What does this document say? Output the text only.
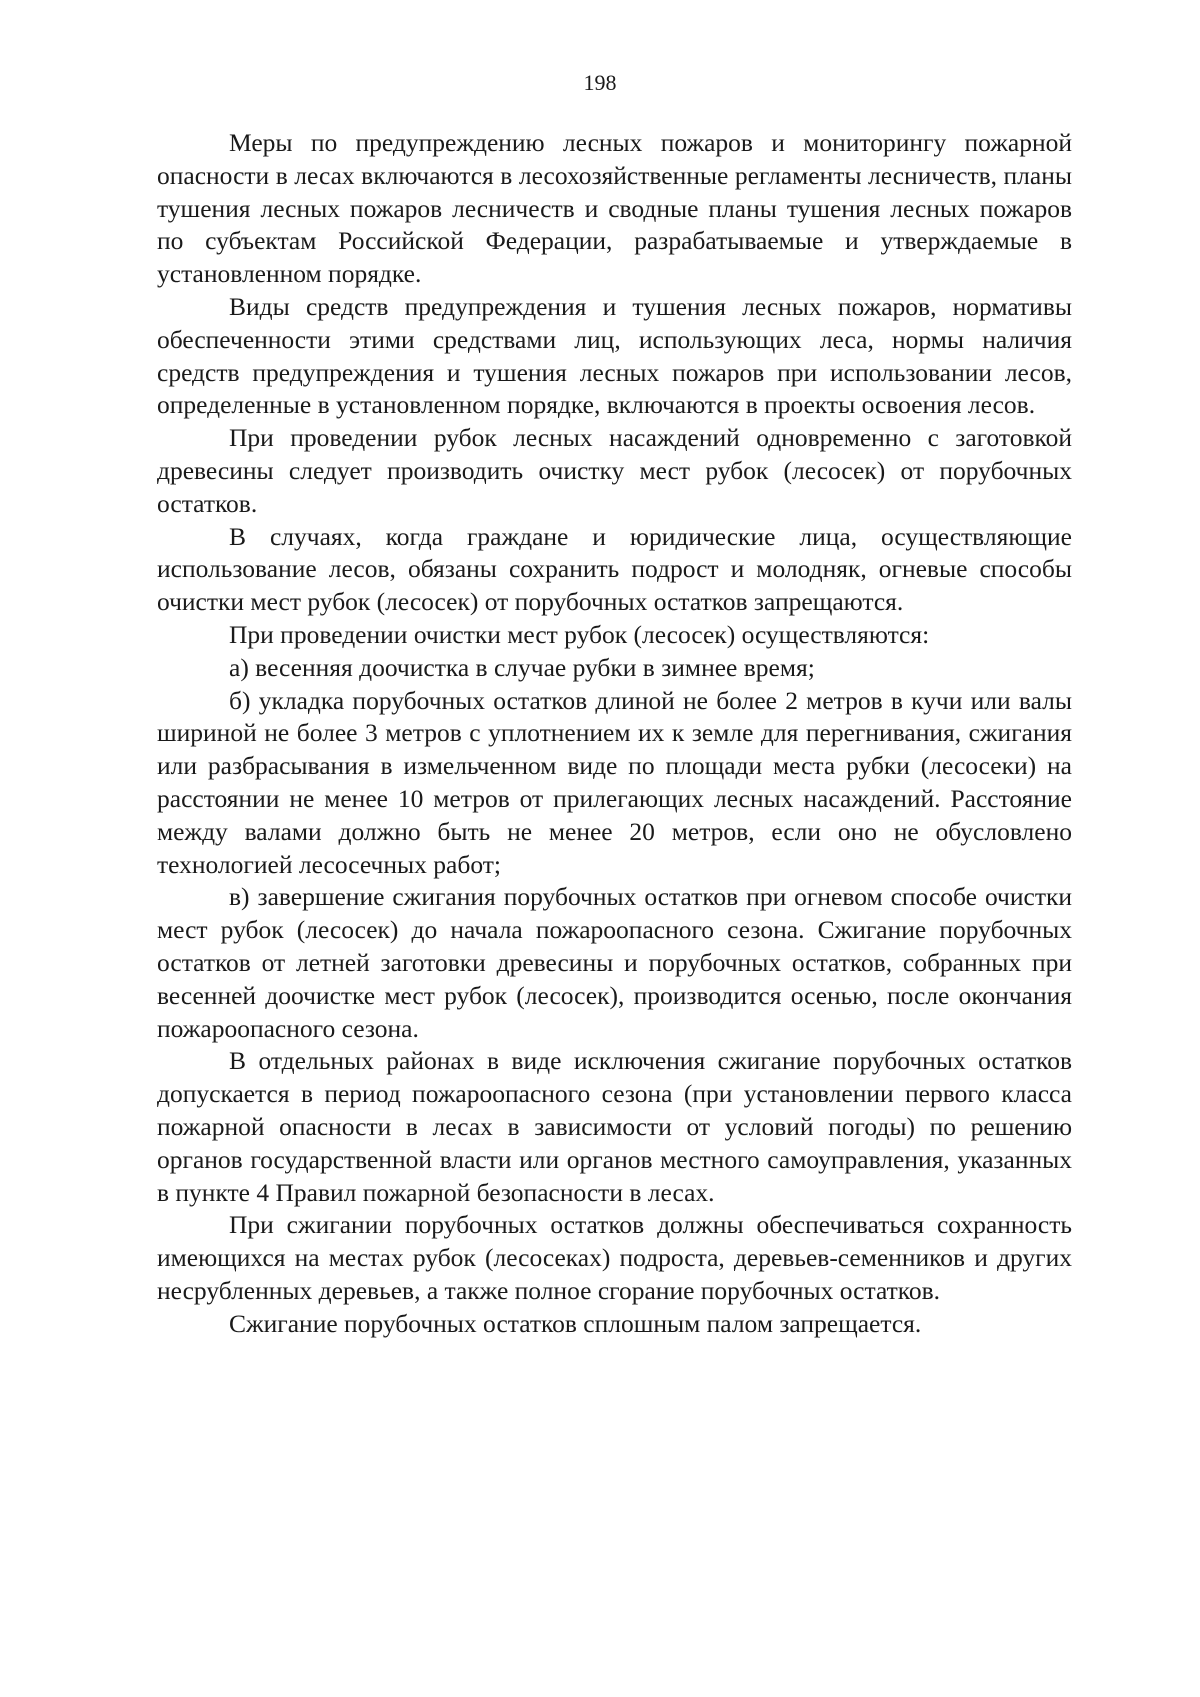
198

Меры по предупреждению лесных пожаров и мониторингу пожарной опасности в лесах включаются в лесохозяйственные регламенты лесничеств, планы тушения лесных пожаров лесничеств и сводные планы тушения лесных пожаров по субъектам Российской Федерации, разрабатываемые и утверждаемые в установленном порядке.

Виды средств предупреждения и тушения лесных пожаров, нормативы обеспеченности этими средствами лиц, использующих леса, нормы наличия средств предупреждения и тушения лесных пожаров при использовании лесов, определенные в установленном порядке, включаются в проекты освоения лесов.

При проведении рубок лесных насаждений одновременно с заготовкой древесины следует производить очистку мест рубок (лесосек) от порубочных остатков.

В случаях, когда граждане и юридические лица, осуществляющие использование лесов, обязаны сохранить подрост и молодняк, огневые способы очистки мест рубок (лесосек) от порубочных остатков запрещаются.

При проведении очистки мест рубок (лесосек) осуществляются:

а) весенняя доочистка в случае рубки в зимнее время;

б) укладка порубочных остатков длиной не более 2 метров в кучи или валы шириной не более 3 метров с уплотнением их к земле для перегнивания, сжигания или разбрасывания в измельченном виде по площади места рубки (лесосеки) на расстоянии не менее 10 метров от прилегающих лесных насаждений. Расстояние между валами должно быть не менее 20 метров, если оно не обусловлено технологией лесосечных работ;

в) завершение сжигания порубочных остатков при огневом способе очистки мест рубок (лесосек) до начала пожароопасного сезона. Сжигание порубочных остатков от летней заготовки древесины и порубочных остатков, собранных при весенней доочистке мест рубок (лесосек), производится осенью, после окончания пожароопасного сезона.

В отдельных районах в виде исключения сжигание порубочных остатков допускается в период пожароопасного сезона (при установлении первого класса пожарной опасности в лесах в зависимости от условий погоды) по решению органов государственной власти или органов местного самоуправления, указанных в пункте 4 Правил пожарной безопасности в лесах.

При сжигании порубочных остатков должны обеспечиваться сохранность имеющихся на местах рубок (лесосеках) подроста, деревьев-семенников и других несрубленных деревьев, а также полное сгорание порубочных остатков.

Сжигание порубочных остатков сплошным палом запрещается.
